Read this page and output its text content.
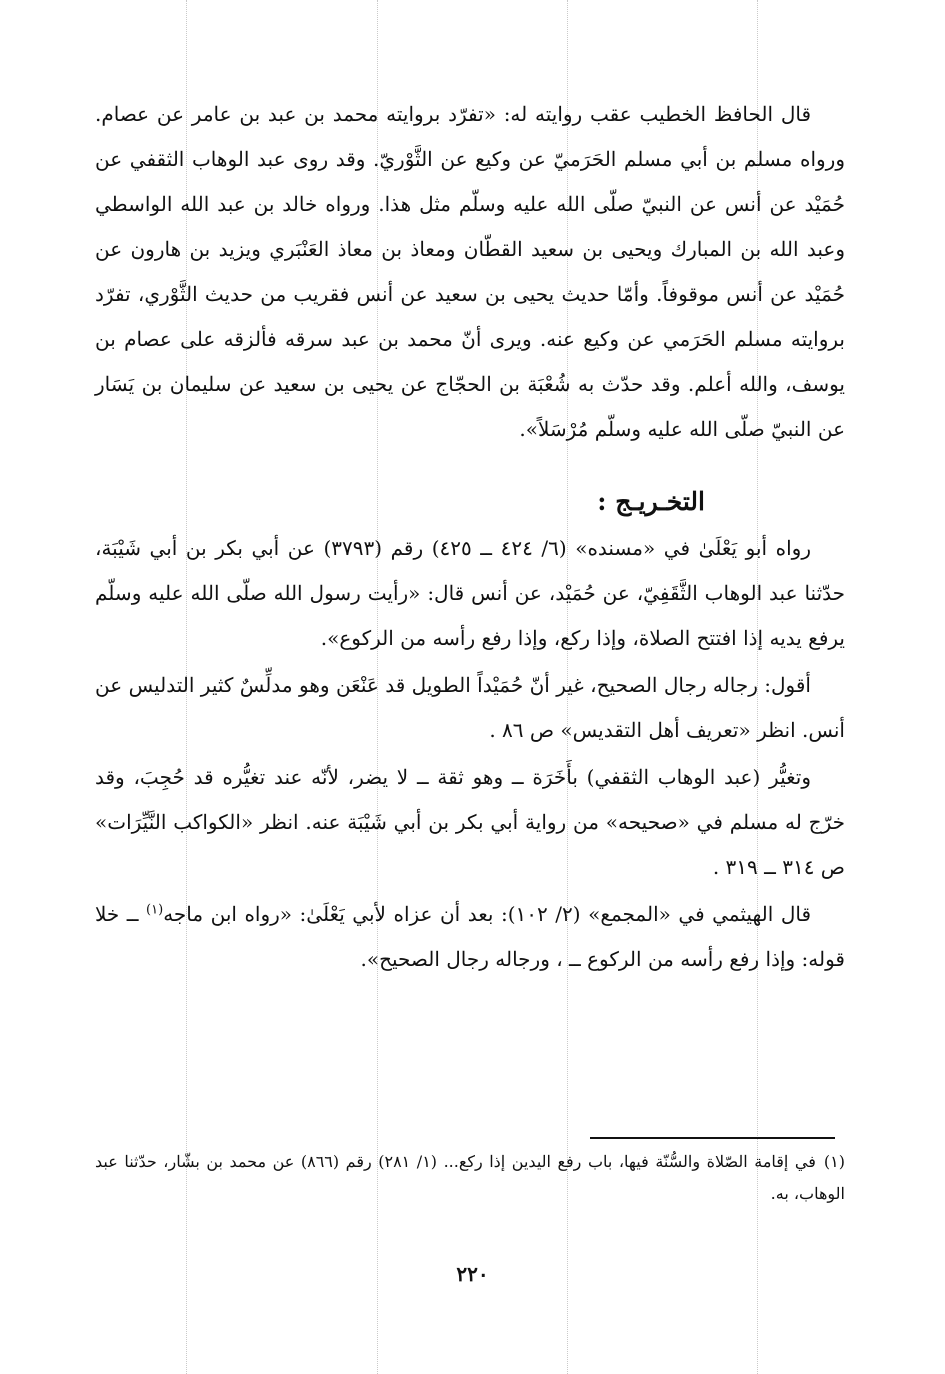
قال الحافظ الخطيب عقب روايته له: «تفرّد بروايته محمد بن عبد بن عامر عن عصام. ورواه مسلم بن أبي مسلم الحَرَميّ عن وكيع عن الثَّوْريّ. وقد روى عبد الوهاب الثقفي عن حُمَيْد عن أنس عن النبيّ صلّى الله عليه وسلّم مثل هذا. ورواه خالد بن عبد الله الواسطي وعبد الله بن المبارك ويحيى بن سعيد القطّان ومعاذ بن معاذ العَنْبَري ويزيد بن هارون عن حُمَيْد عن أنس موقوفاً. وأمّا حديث يحيى بن سعيد عن أنس فقريب من حديث الثَّوْري، تفرّد بروايته مسلم الحَرَمي عن وكيع عنه. ويرى أنّ محمد بن عبد سرقه فألزقه على عصام بن يوسف، والله أعلم. وقد حدّث به شُعْبَة بن الحجّاج عن يحيى بن سعيد عن سليمان بن يَسَار عن النبيّ صلّى الله عليه وسلّم مُرْسَلاً».

التخـريـج :

رواه أبو يَعْلَىٰ في «مسنده» (٦/ ٤٢٤ ــ ٤٢٥) رقم (٣٧٩٣) عن أبي بكر بن أبي شَيْبَة، حدّثنا عبد الوهاب الثَّقَفِيّ، عن حُمَيْد، عن أنس قال: «رأيت رسول الله صلّى الله عليه وسلّم يرفع يديه إذا افتتح الصلاة، وإذا ركع، وإذا رفع رأسه من الركوع».

أقول: رجاله رجال الصحيح، غير أنّ حُمَيْداً الطويل قد عَنْعَن وهو مدلِّسٌ كثير التدليس عن أنس. انظر «تعريف أهل التقديس» ص ٨٦ .

وتغيُّر (عبد الوهاب الثقفي) بأَخَرَة ــ وهو ثقة ــ لا يضر، لأنّه عند تغيُّره قد حُجِبَ، وقد خرّج له مسلم في «صحيحه» من رواية أبي بكر بن أبي شَيْبَة عنه. انظر «الكواكب النَّيِّرَات» ص ٣١٤ ــ ٣١٩ .

قال الهيثمي في «المجمع» (٢/ ١٠٢): بعد أن عزاه لأبي يَعْلَىٰ: «رواه ابن ماجه$^{(١)}$ ــ خلا قوله: وإذا رفع رأسه من الركوع ــ ، ورجاله رجال الصحيح».

(١)في إقامة الصّلاة والسُّنّة فيها، باب رفع اليدين إذا ركع... (١/ ٢٨١) رقم (٨٦٦) عن محمد بن بشّار، حدّثنا عبد الوهاب، به.

٢٢٠
